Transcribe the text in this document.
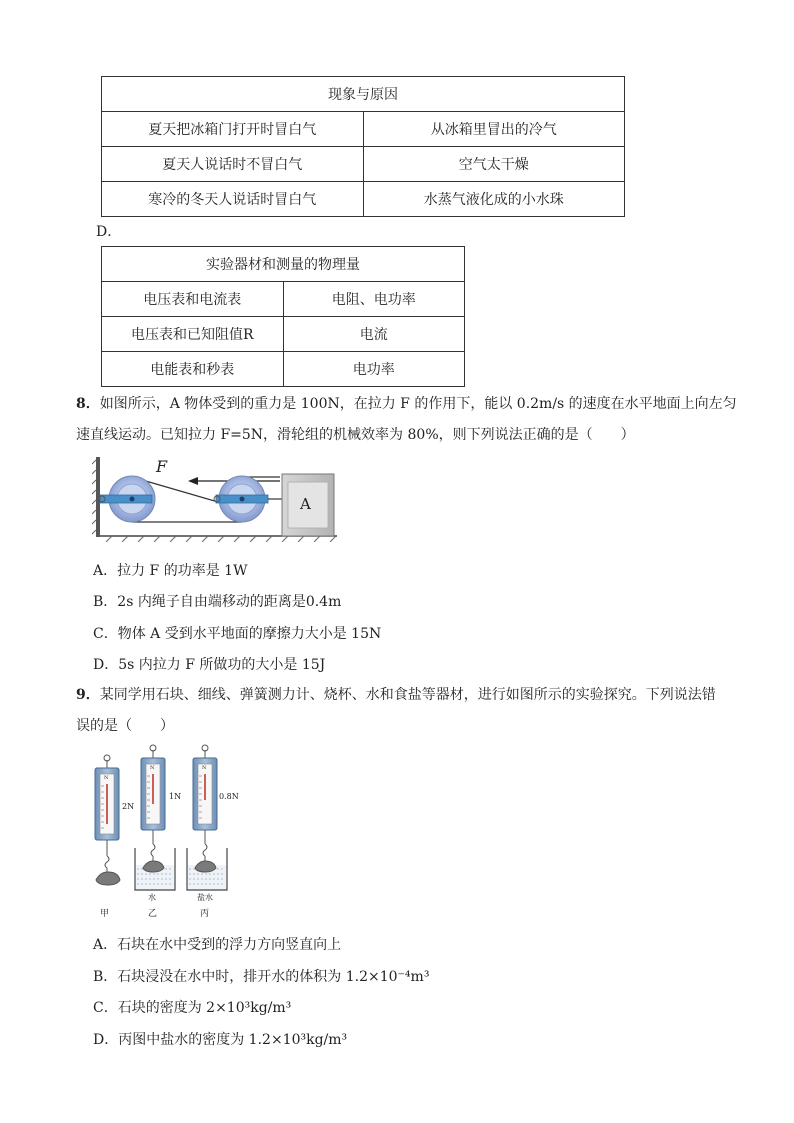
现象与原因	
夏天把冰箱门打开时冒白气	从冰箱里冒出的冷气
夏天人说话时不冒白气	空气太干燥
寒冷的冬天人说话时冒白气	水蒸气液化成的小水珠
D．
实验器材和测量的物理量	
电压表和电流表	电阻、电功率
电压表和已知阻值R	电流
电能表和秒表	电功率
8．如图所示，A 物体受到的重力是 100N，在拉力 F 的作用下，能以 0.2m/s 的速度在水平地面上向左匀
速直线运动。已知拉力 F=5N，滑轮组的机械效率为 80%，则下列说法正确的是（　　）
F
A
A．拉力 F 的功率是 1W
B．2s 内绳子自由端移动的距离是0.4m
C．物体 A 受到水平地面的摩擦力大小是 15N
D．5s 内拉力 F 所做功的大小是 15J
9．某同学用石块、细线、弹簧测力计、烧杯、水和食盐等器材，进行如图所示的实验探究。下列说法错
误的是（　　）
N
2N
甲
N
1N
水
乙
N
0.8N
盐水
丙
A．石块在水中受到的浮力方向竖直向上
B．石块浸没在水中时，排开水的体积为 1.2×10⁻⁴m³
C．石块的密度为 2×10³kg/m³
D．丙图中盐水的密度为 1.2×10³kg/m³
